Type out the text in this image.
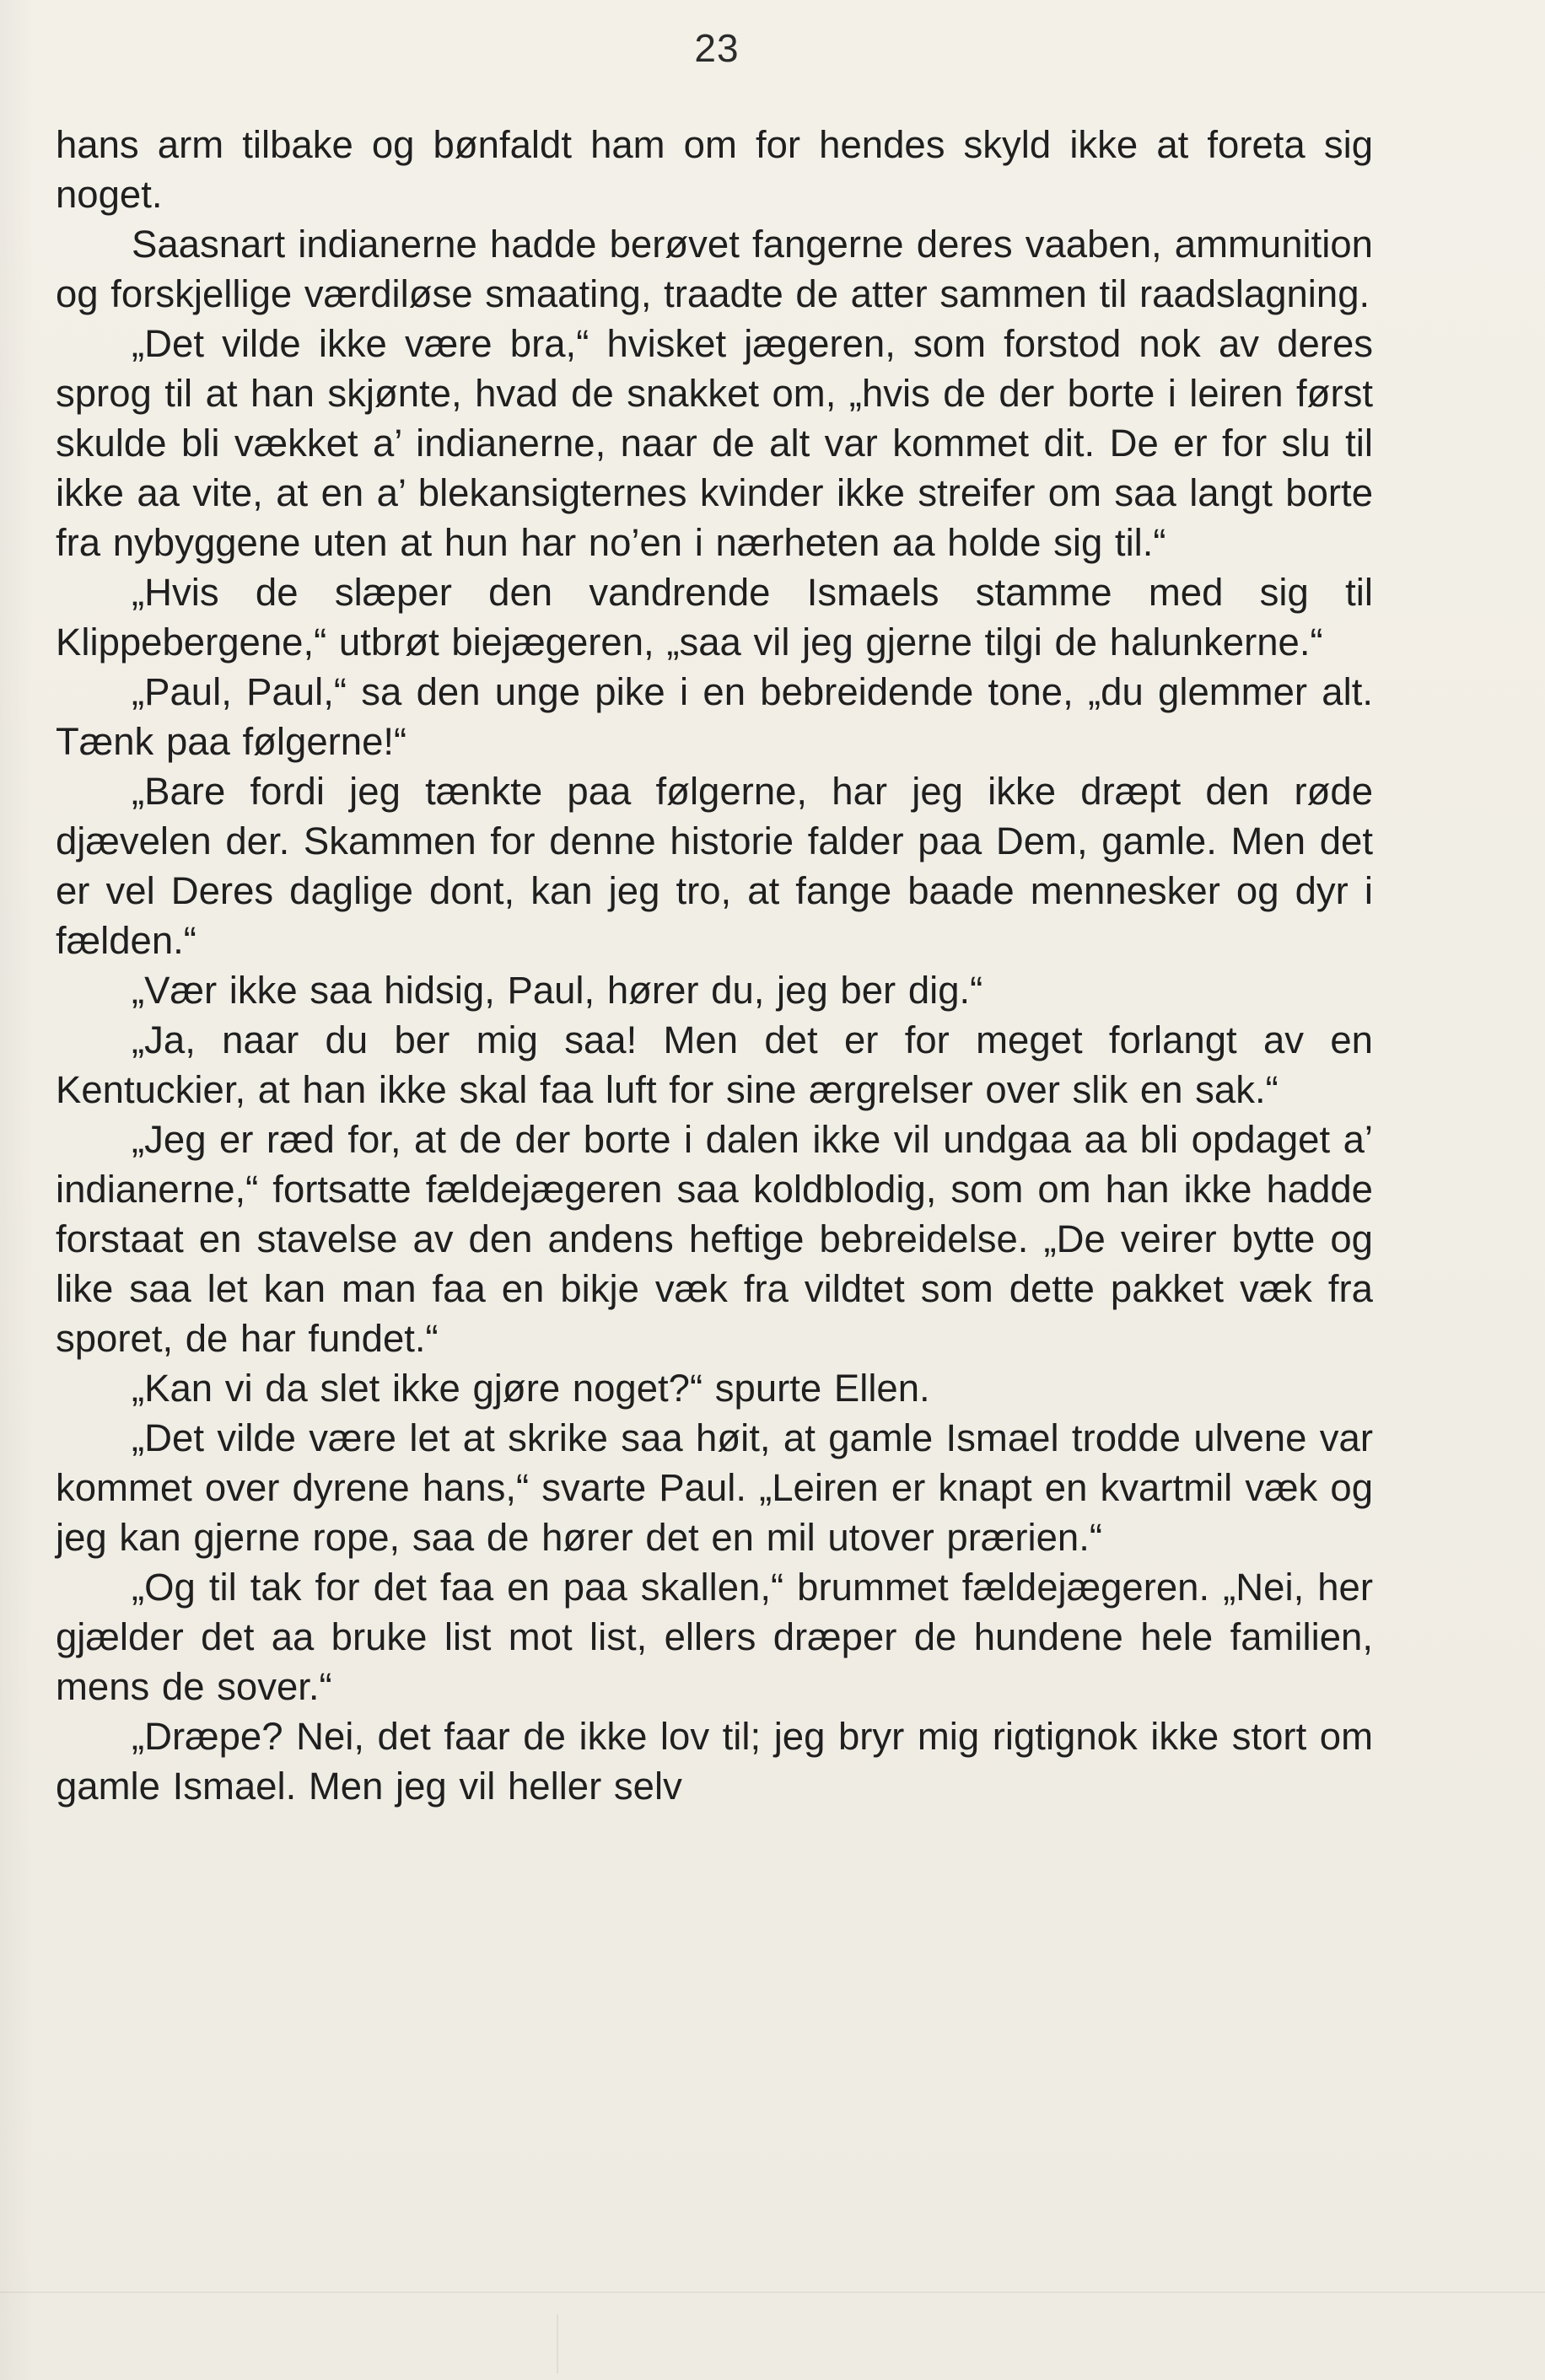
23

hans arm tilbake og bønfaldt ham om for hendes skyld ikke at foreta sig noget.

Saasnart indianerne hadde berøvet fangerne deres vaaben, ammunition og forskjellige værdiløse smaating, traadte de atter sammen til raadslagning.

„Det vilde ikke være bra,“ hvisket jægeren, som forstod nok av deres sprog til at han skjønte, hvad de snakket om, „hvis de der borte i leiren først skulde bli vækket a’ indianerne, naar de alt var kommet dit. De er for slu til ikke aa vite, at en a’ blekansigternes kvinder ikke streifer om saa langt borte fra nybyggene uten at hun har no’en i nærheten aa holde sig til.“

„Hvis de slæper den vandrende Ismaels stamme med sig til Klippebergene,“ utbrøt biejægeren, „saa vil jeg gjerne tilgi de halunkerne.“

„Paul, Paul,“ sa den unge pike i en bebreidende tone, „du glemmer alt. Tænk paa følgerne!“

„Bare fordi jeg tænkte paa følgerne, har jeg ikke dræpt den røde djævelen der. Skammen for denne historie falder paa Dem, gamle. Men det er vel Deres daglige dont, kan jeg tro, at fange baade mennesker og dyr i fælden.“

„Vær ikke saa hidsig, Paul, hører du, jeg ber dig.“

„Ja, naar du ber mig saa! Men det er for meget forlangt av en Kentuckier, at han ikke skal faa luft for sine ærgrelser over slik en sak.“

„Jeg er ræd for, at de der borte i dalen ikke vil undgaa aa bli opdaget a’ indianerne,“ fortsatte fældejægeren saa koldblodig, som om han ikke hadde forstaat en stavelse av den andens heftige bebreidelse. „De veirer bytte og like saa let kan man faa en bikje væk fra vildtet som dette pakket væk fra sporet, de har fundet.“

„Kan vi da slet ikke gjøre noget?“ spurte Ellen.

„Det vilde være let at skrike saa høit, at gamle Ismael trodde ulvene var kommet over dyrene hans,“ svarte Paul. „Leiren er knapt en kvartmil væk og jeg kan gjerne rope, saa de hører det en mil utover prærien.“

„Og til tak for det faa en paa skallen,“ brummet fældejægeren. „Nei, her gjælder det aa bruke list mot list, ellers dræper de hundene hele familien, mens de sover.“

„Dræpe? Nei, det faar de ikke lov til; jeg bryr mig rigtignok ikke stort om gamle Ismael. Men jeg vil heller selv
